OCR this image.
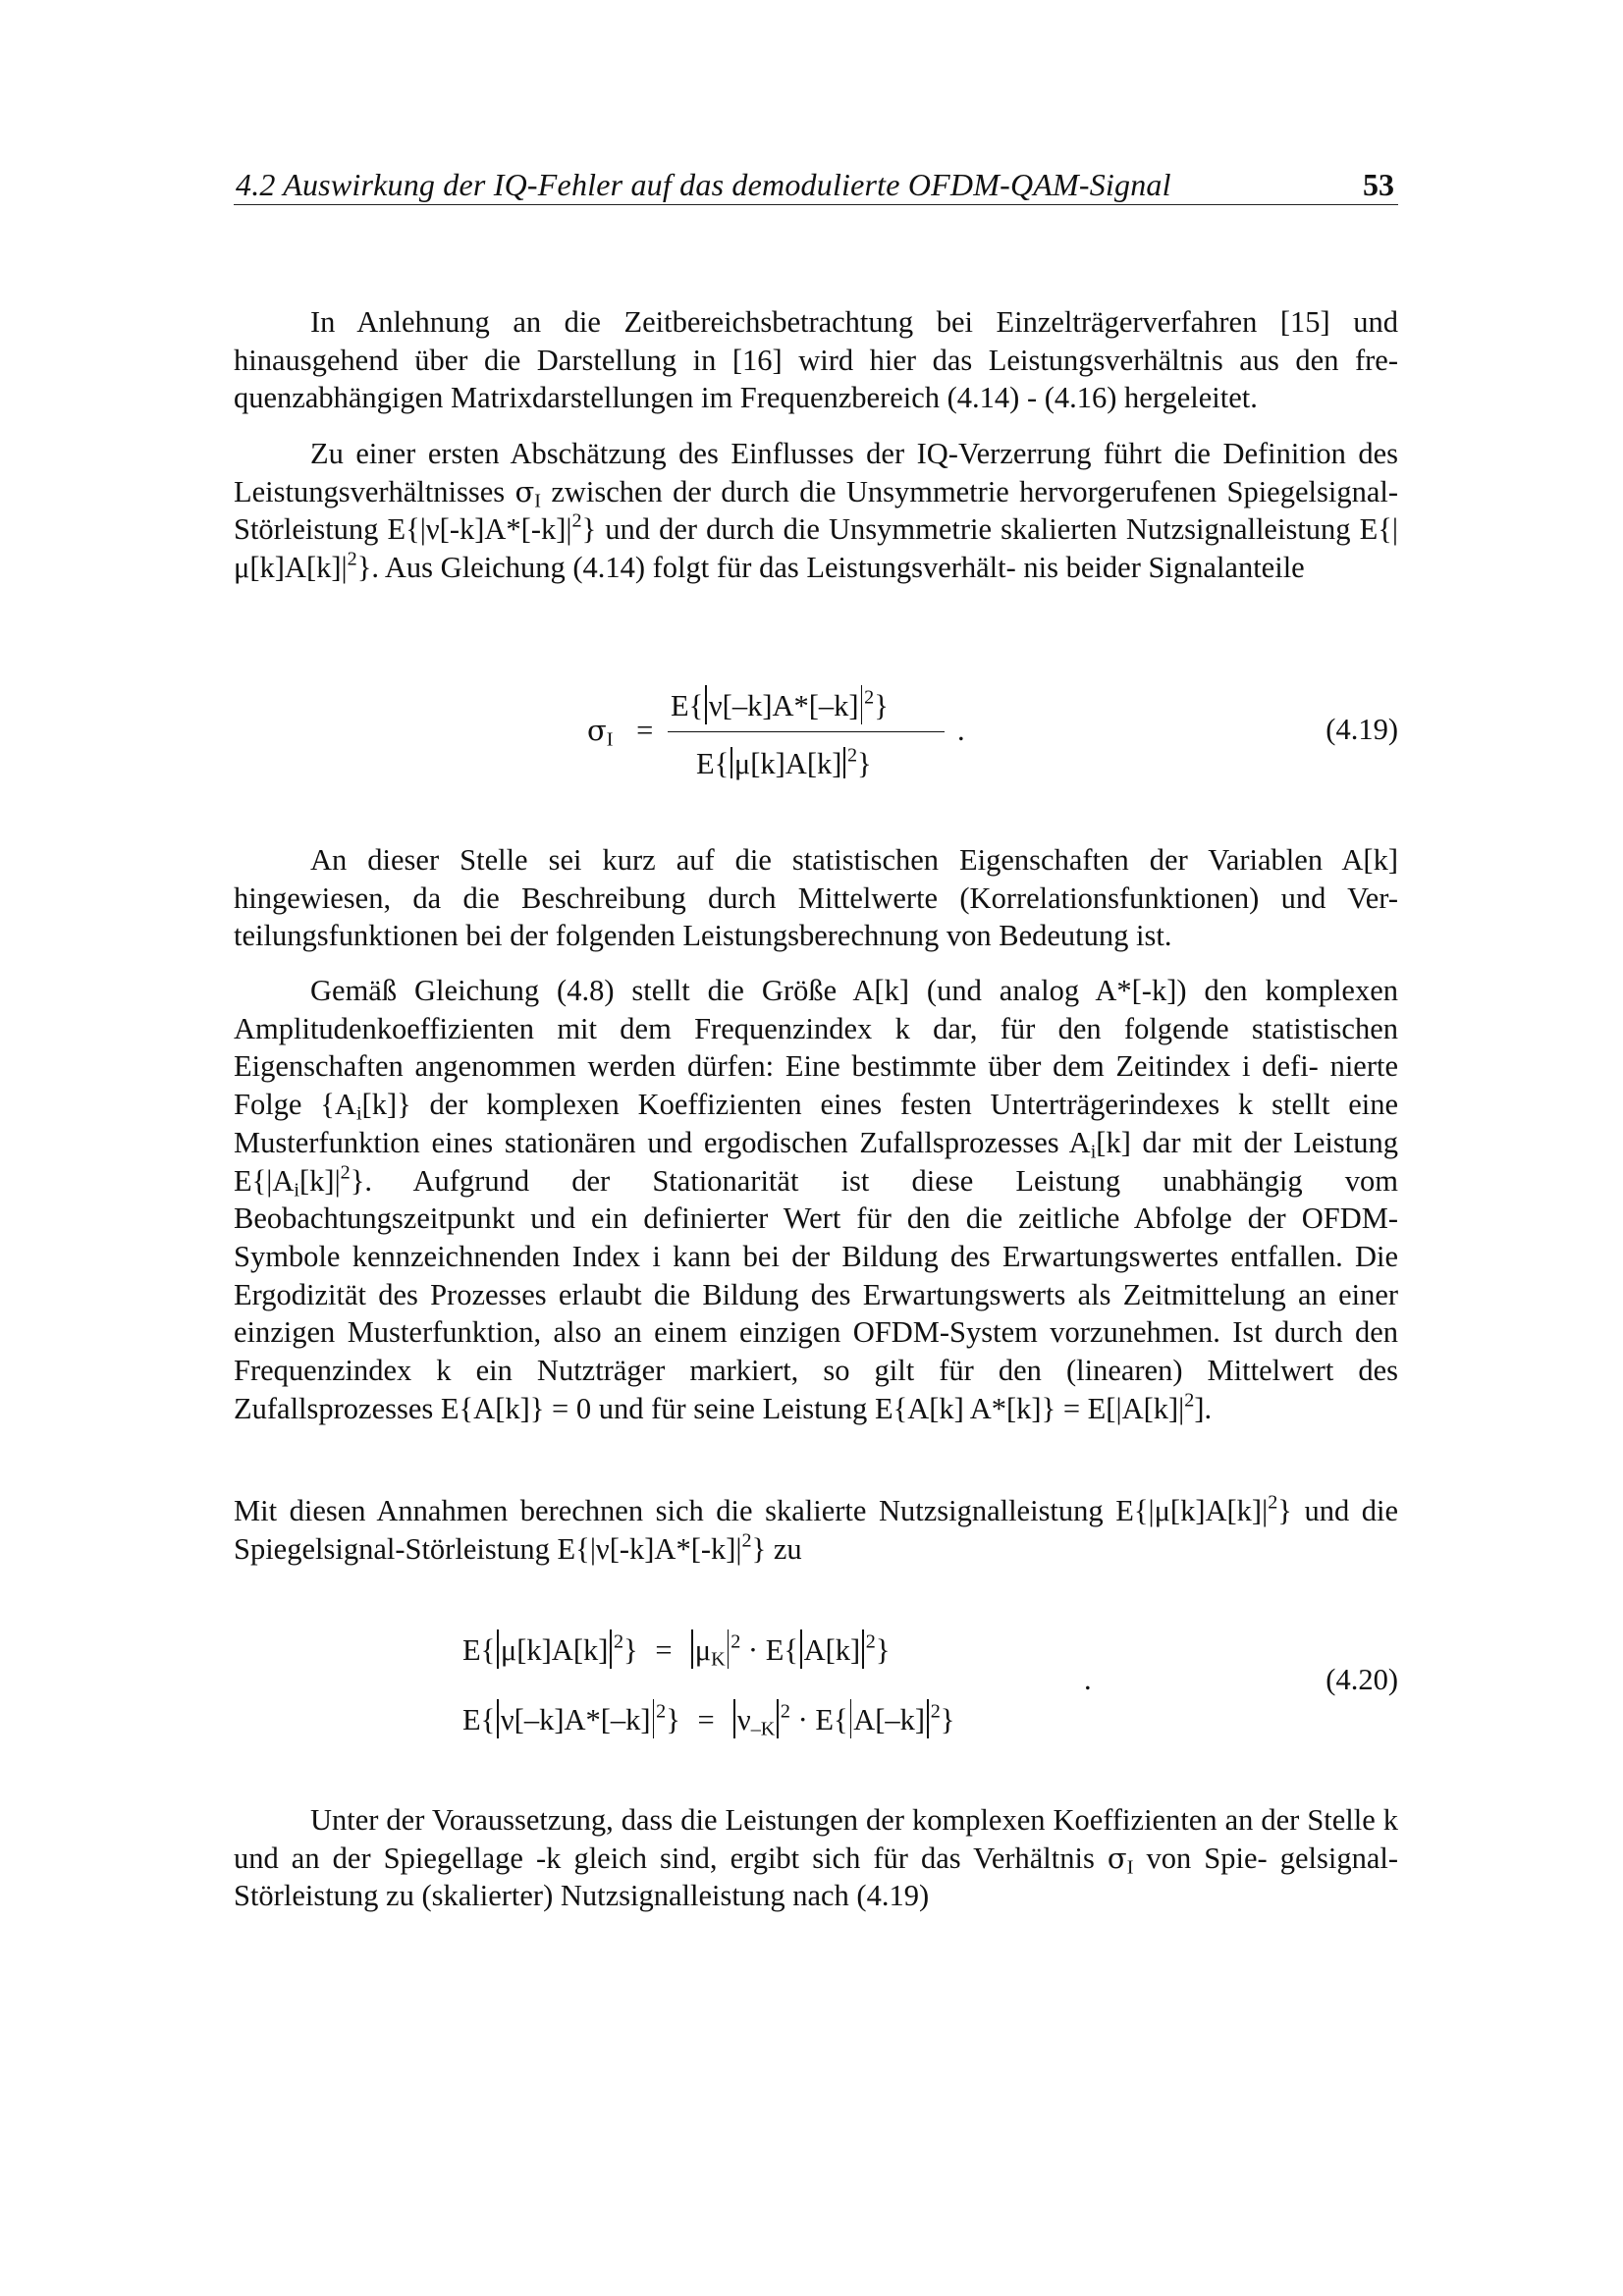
4.2 Auswirkung der IQ-Fehler auf das demodulierte OFDM-QAM-Signal	53
In Anlehnung an die Zeitbereichsbetrachtung bei Einzelträgerverfahren [15] und hinausgehend über die Darstellung in [16] wird hier das Leistungsverhältnis aus den fre- quenzabhängigen Matrixdarstellungen im Frequenzbereich (4.14) - (4.16) hergeleitet.
Zu einer ersten Abschätzung des Einflusses der IQ-Verzerrung führt die Definition des Leistungsverhältnisses $\sigma_I$ zwischen der durch die Unsymmetrie hervorgerufenen Spiegelsignal-Störleistung $E\{|\nu[-k]A*[-k]|^2\}$ und der durch die Unsymmetrie skalierten Nutzsignalleistung $E\{|\mu[k]A[k]|^2\}$. Aus Gleichung (4.14) folgt für das Leistungsverhält- nis beider Signalanteile
$\sigma_I$ =
E{ ν[–k]A*[–k] $^2$}
E{ μ[k]A[k] $^2$}
.	(4.19)
An dieser Stelle sei kurz auf die statistischen Eigenschaften der Variablen A[k] hingewiesen, da die Beschreibung durch Mittelwerte (Korrelationsfunktionen) und Ver- teilungsfunktionen bei der folgenden Leistungsberechnung von Bedeutung ist.
Gemäß Gleichung (4.8) stellt die Größe A[k] (und analog A*[-k]) den komplexen Amplitudenkoeffizienten mit dem Frequenzindex k dar, für den folgende statistischen Eigenschaften angenommen werden dürfen: Eine bestimmte über dem Zeitindex i defi- nierte Folge $\{A_i[k]\}$ der komplexen Koeffizienten eines festen Unterträgerindexes k stellt eine Musterfunktion eines stationären und ergodischen Zufallsprozesses $A_i[k]$ dar mit der Leistung $E\{|A_i[k]|^2\}$. Aufgrund der Stationarität ist diese Leistung unabhängig vom Beobachtungszeitpunkt und ein definierter Wert für den die zeitliche Abfolge der OFDM-Symbole kennzeichnenden Index i kann bei der Bildung des Erwartungswertes entfallen. Die Ergodizität des Prozesses erlaubt die Bildung des Erwartungswerts als Zeitmittelung an einer einzigen Musterfunktion, also an einem einzigen OFDM-System vorzunehmen. Ist durch den Frequenzindex k ein Nutzträger markiert, so gilt für den (linearen) Mittelwert des Zufallsprozesses E{A[k]} = 0 und für seine Leistung E{A[k] $A*[k]\} = E[|A[k]|^2]$.
Mit diesen Annahmen berechnen sich die skalierte Nutzsignalleistung $E\{|\mu[k]A[k]|^2\}$ und die Spiegelsignal-Störleistung $E\{|\nu[-k]A*[-k]|^2\}$ zu
E{ μ[k]A[k] $^2\} = \mu_K^2 \cdot E${ A[k] $^2$}
E{ ν[–k]A*[–k] $^2\} = \nu_{-K}^2 \cdot E${ A[–k] $^2$}
.	(4.20)
Unter der Voraussetzung, dass die Leistungen der komplexen Koeffizienten an der Stelle k und an der Spiegellage -k gleich sind, ergibt sich für das Verhältnis $\sigma_I$ von Spie- gelsignal-Störleistung zu (skalierter) Nutzsignalleistung nach (4.19)
